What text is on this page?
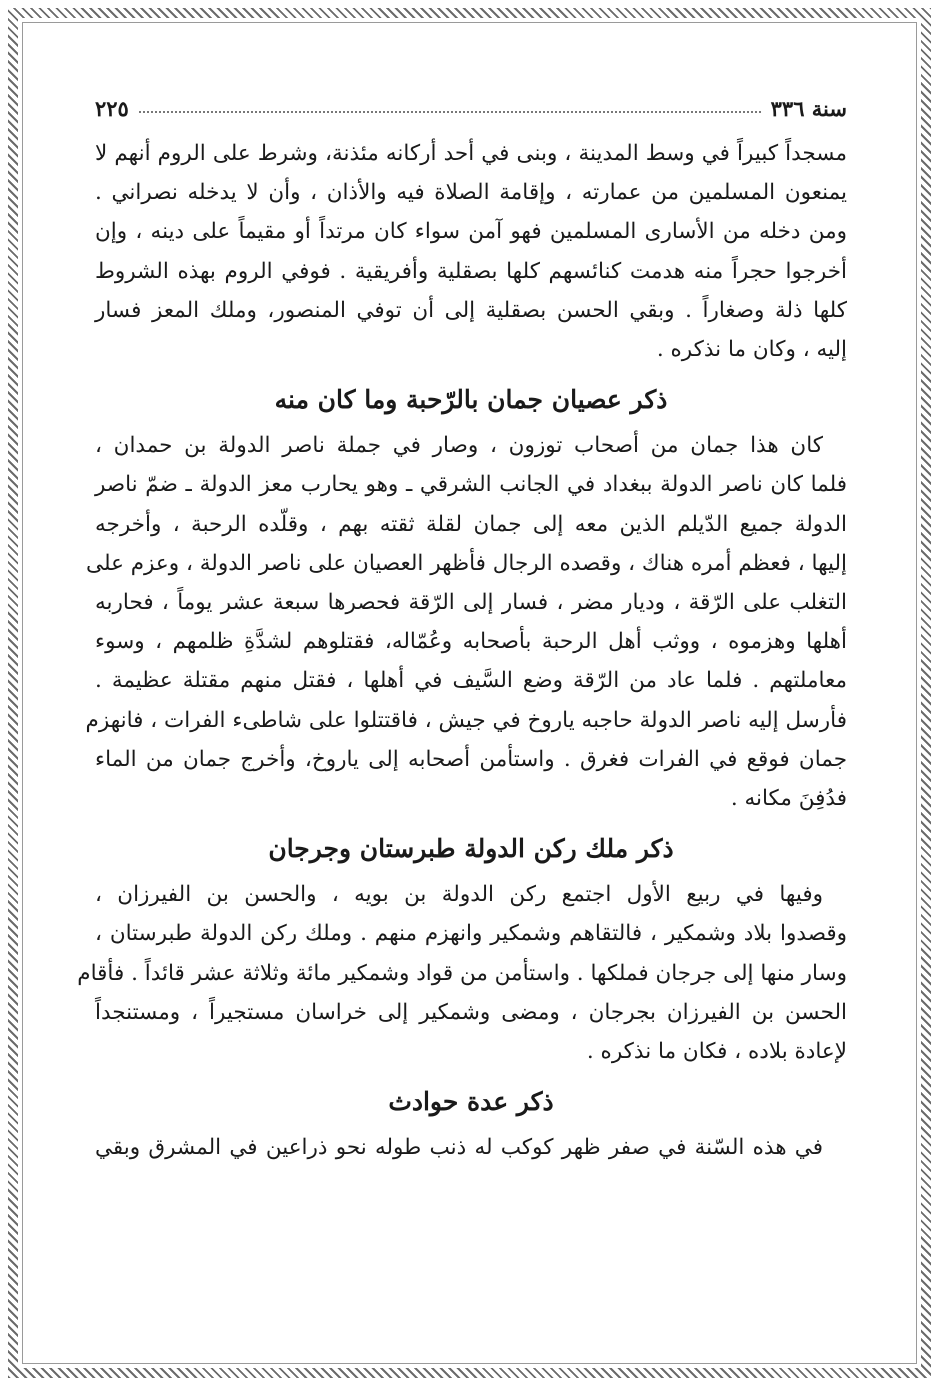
سنة ٣٣٦
٢٢٥

مسجداً كبيراً في وسط المدينة ، وبنى في أحد أركانه مئذنة، وشرط على الروم أنهم لا
يمنعون المسلمين من عمارته ، وإقامة الصلاة فيه والأذان ، وأن لا يدخله نصراني .
ومن دخله من الأسارى المسلمين فهو آمن سواء كان مرتداً أو مقيماً على دينه ، وإن
أخرجوا حجراً منه هدمت كنائسهم كلها بصقلية وأفريقية . فوفي الروم بهذه الشروط
كلها ذلة وصغاراً . وبقي الحسن بصقلية إلى أن توفي المنصور، وملك المعز فسار
إليه ، وكان ما نذكره .

ذكر عصيان جمان بالرّحبة وما كان منه

كان هذا جمان من أصحاب توزون ، وصار في جملة ناصر الدولة بن حمدان ،
فلما كان ناصر الدولة ببغداد في الجانب الشرقي ـ وهو يحارب معز الدولة ـ ضمّ ناصر
الدولة جميع الدّيلم الذين معه إلى جمان لقلة ثقته بهم ، وقلّده الرحبة ، وأخرجه
إليها ، فعظم أمره هناك ، وقصده الرجال فأظهر العصيان على ناصر الدولة ، وعزم على
التغلب على الرّقة ، وديار مضر ، فسار إلى الرّقة فحصرها سبعة عشر يوماً ، فحاربه
أهلها وهزموه ، ووثب أهل الرحبة بأصحابه وعُمّاله، فقتلوهم لشدَّةِ ظلمهم ، وسوء
معاملتهم . فلما عاد من الرّقة وضع السَّيف في أهلها ، فقتل منهم مقتلة عظيمة .
فأرسل إليه ناصر الدولة حاجبه ياروخ في جيش ، فاقتتلوا على شاطىء الفرات ، فانهزم
جمان فوقع في الفرات فغرق . واستأمن أصحابه إلى ياروخ، وأخرج جمان من الماء
فدُفِنَ مكانه .

ذكر ملك ركن الدولة طبرستان وجرجان

وفيها في ربيع الأول اجتمع ركن الدولة بن بويه ، والحسن بن الفيرزان ،
وقصدوا بلاد وشمكير ، فالتقاهم وشمكير وانهزم منهم . وملك ركن الدولة طبرستان ،
وسار منها إلى جرجان فملكها . واستأمن من قواد وشمكير مائة وثلاثة عشر قائداً . فأقام
الحسن بن الفيرزان بجرجان ، ومضى وشمكير إلى خراسان مستجيراً ، ومستنجداً
لإعادة بلاده ، فكان ما نذكره .

ذكر عدة حوادث

في هذه السّنة في صفر ظهر كوكب له ذنب طوله نحو ذراعين في المشرق وبقي
